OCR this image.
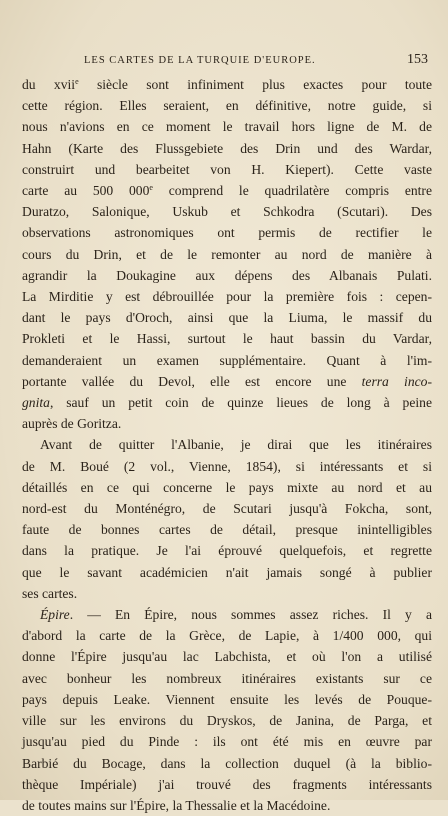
LES CARTES DE LA TURQUIE D'EUROPE.	153
du xvii$^e$ siècle sont infiniment plus exactes pour toute
cette région. Elles seraient, en définitive, notre guide, si
nous n'avions en ce moment le travail hors ligne de M. de
Hahn (Karte des Flussgebiete des Drin und des Wardar,
construirt und bearbeitet von H. Kiepert). Cette vaste
carte au 500 000e comprend le quadrilatère compris entre
Duratzo, Salonique, Uskub et Schkodra (Scutari). Des
observations astronomiques ont permis de rectifier le
cours du Drin, et de le remonter au nord de manière à
agrandir la Doukagine aux dépens des Albanais Pulati.
La Mirditie y est débrouillée pour la première fois : cepen-
dant le pays d'Oroch, ainsi que la Liuma, le massif du
Prokleti et le Hassi, surtout le haut bassin du Vardar,
demanderaient un examen supplémentaire. Quant à l'im-
portante vallée du Devol, elle est encore une terra inco-
gnita, sauf un petit coin de quinze lieues de long à peine
auprès de Goritza.
Avant de quitter l'Albanie, je dirai que les itinéraires
de M. Boué (2 vol., Vienne, 1854), si intéressants et si
détaillés en ce qui concerne le pays mixte au nord et au
nord-est du Monténégro, de Scutari jusqu'à Fokcha, sont,
faute de bonnes cartes de détail, presque inintelligibles
dans la pratique. Je l'ai éprouvé quelquefois, et regrette
que le savant académicien n'ait jamais songé à publier
ses cartes.
Épire. — En Épire, nous sommes assez riches. Il y a
d'abord la carte de la Grèce, de Lapie, à 1/400 000, qui
donne l'Épire jusqu'au lac Labchista, et où l'on a utilisé
avec bonheur les nombreux itinéraires existants sur ce
pays depuis Leake. Viennent ensuite les levés de Pouque-
ville sur les environs du Dryskos, de Janina, de Parga, et
jusqu'au pied du Pinde : ils ont été mis en œuvre par
Barbié du Bocage, dans la collection duquel (à la biblio-
thèque Impériale) j'ai trouvé des fragments intéressants
de toutes mains sur l'Épire, la Thessalie et la Macédoine.
